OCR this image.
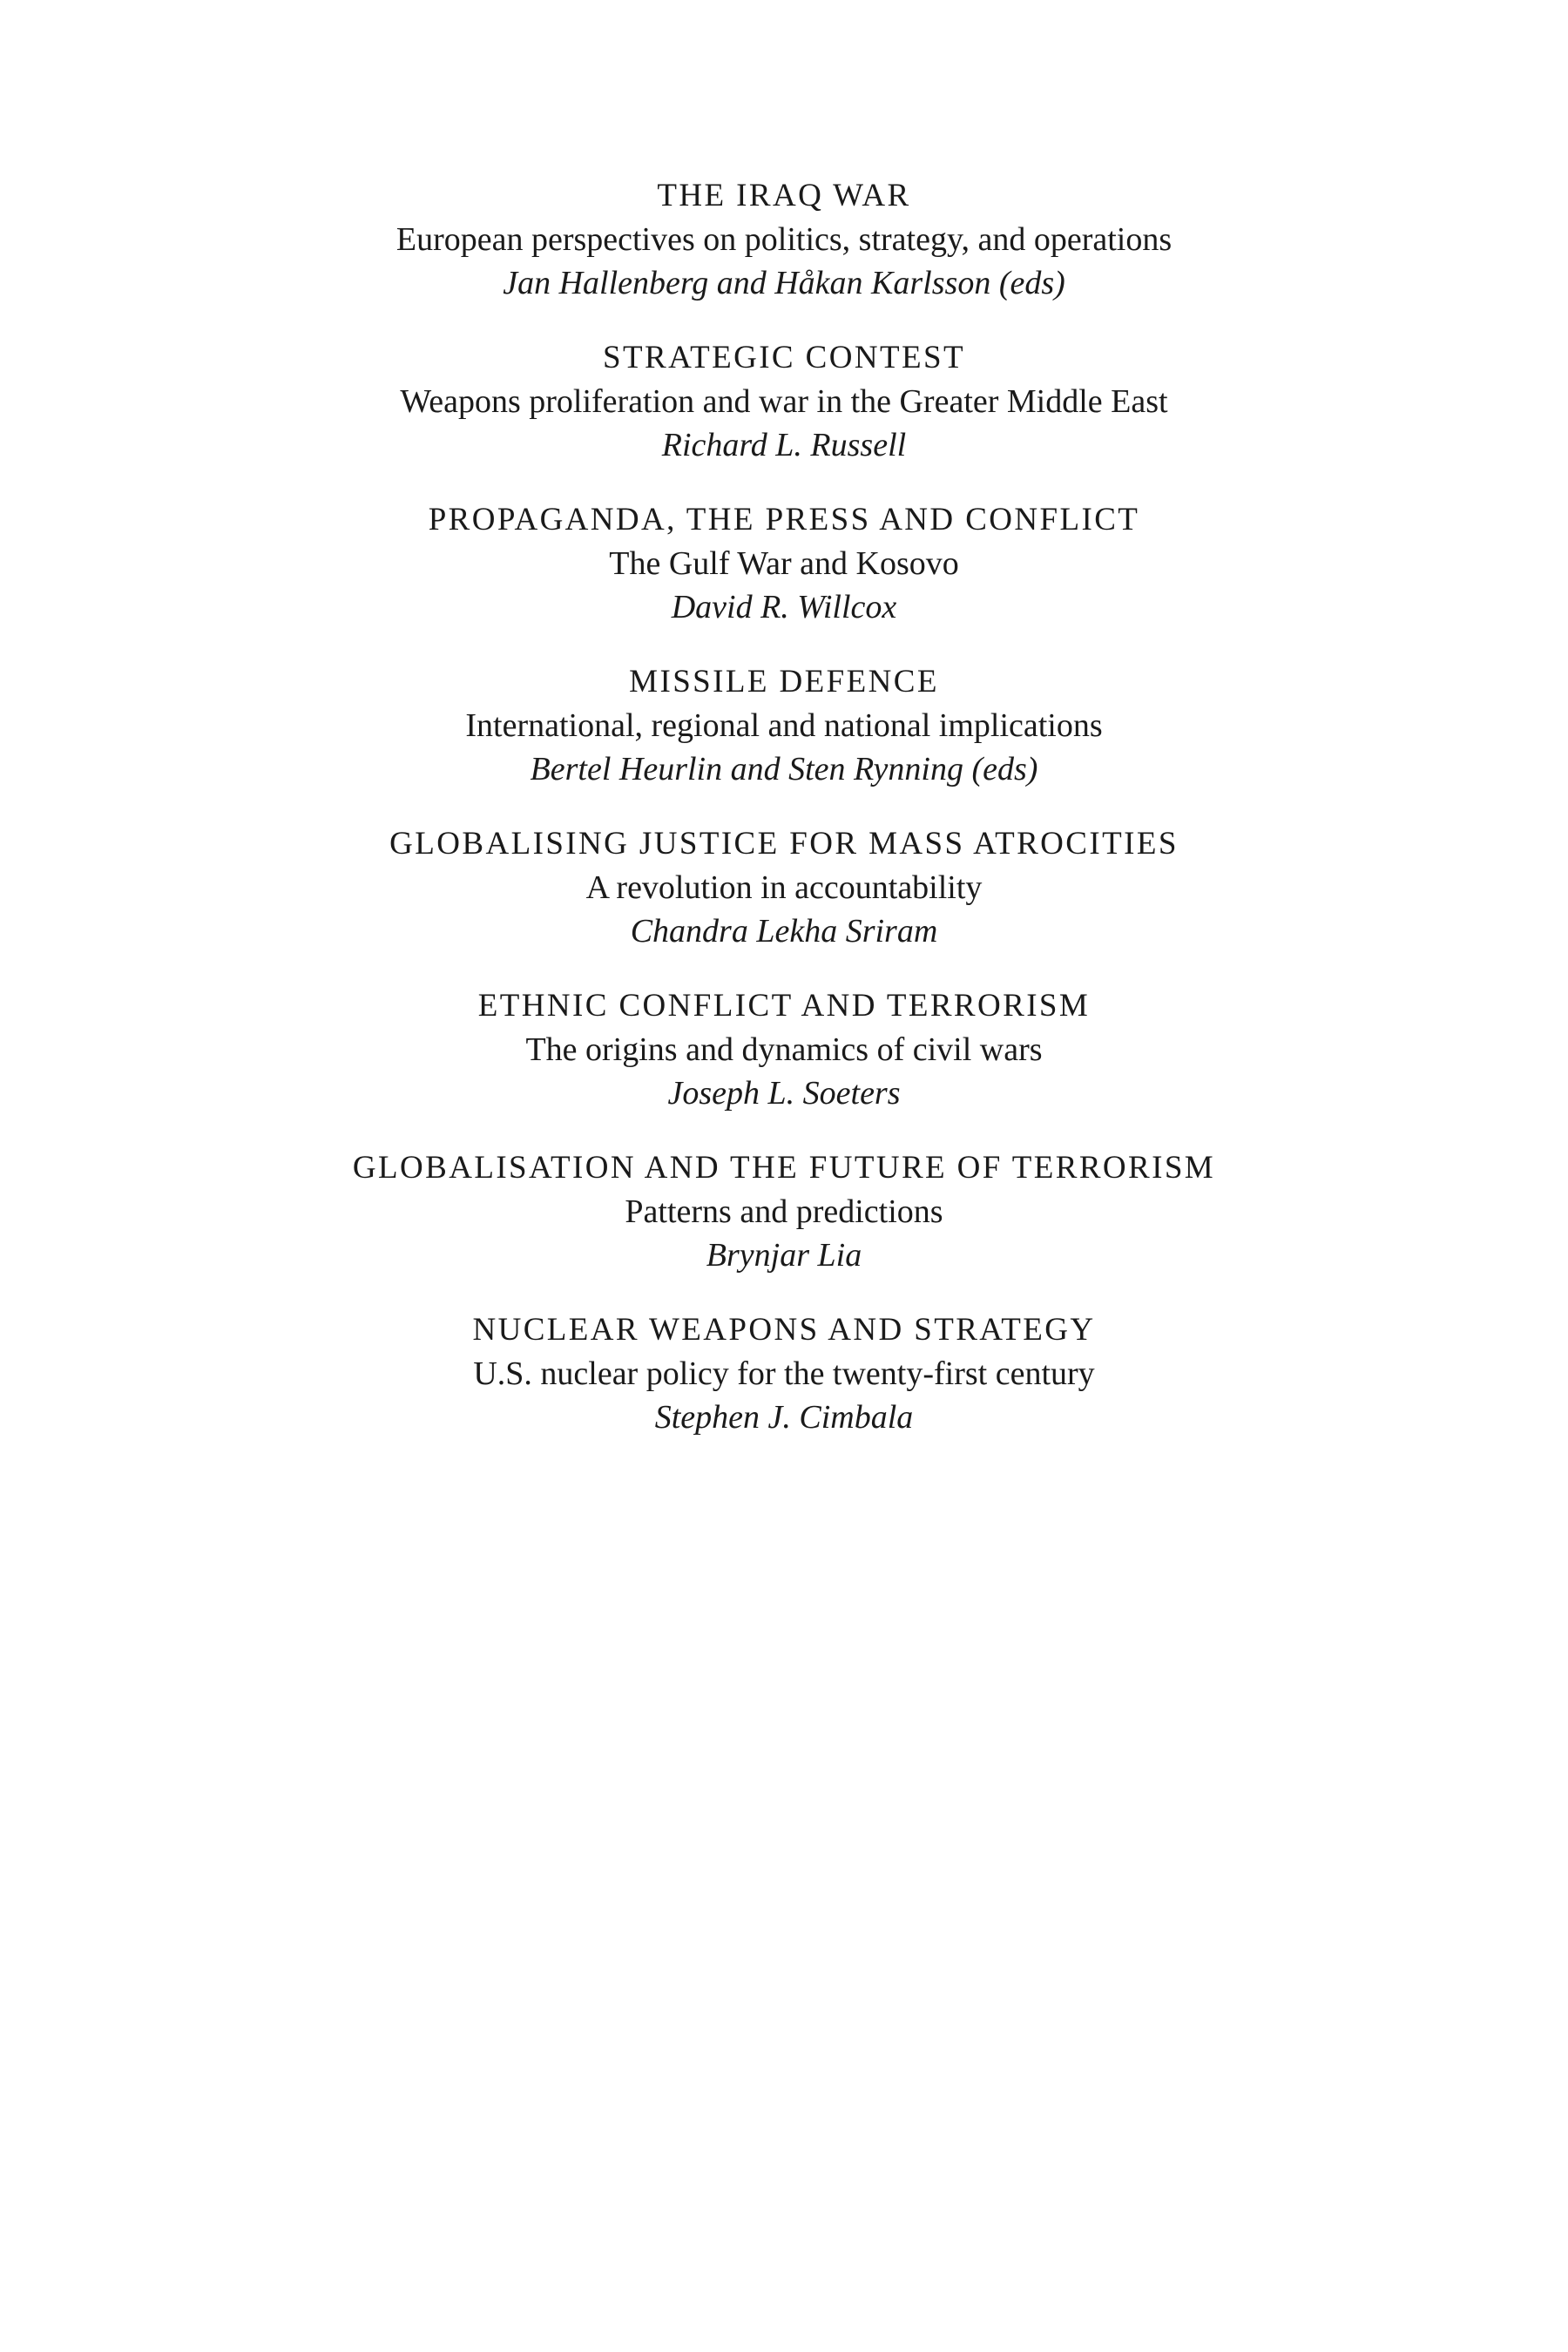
THE IRAQ WAR
European perspectives on politics, strategy, and operations
Jan Hallenberg and Håkan Karlsson (eds)
STRATEGIC CONTEST
Weapons proliferation and war in the Greater Middle East
Richard L. Russell
PROPAGANDA, THE PRESS AND CONFLICT
The Gulf War and Kosovo
David R. Willcox
MISSILE DEFENCE
International, regional and national implications
Bertel Heurlin and Sten Rynning (eds)
GLOBALISING JUSTICE FOR MASS ATROCITIES
A revolution in accountability
Chandra Lekha Sriram
ETHNIC CONFLICT AND TERRORISM
The origins and dynamics of civil wars
Joseph L. Soeters
GLOBALISATION AND THE FUTURE OF TERRORISM
Patterns and predictions
Brynjar Lia
NUCLEAR WEAPONS AND STRATEGY
U.S. nuclear policy for the twenty-first century
Stephen J. Cimbala
